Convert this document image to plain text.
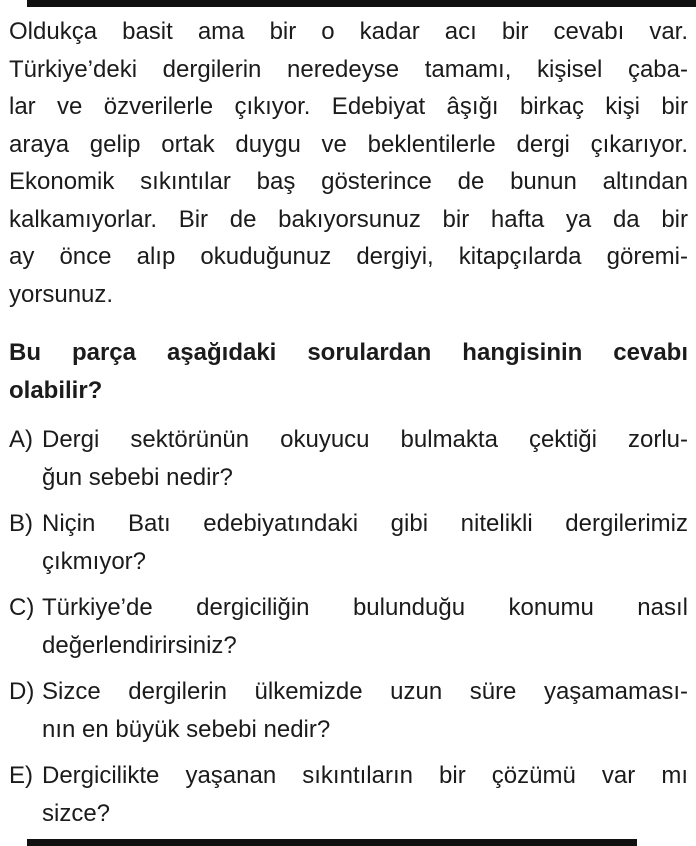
Oldukça basit ama bir o kadar acı bir cevabı var.
Türkiye’deki dergilerin neredeyse tamamı, kişisel çaba-
lar ve özverilerle çıkıyor. Edebiyat âşığı birkaç kişi bir
araya gelip ortak duygu ve beklentilerle dergi çıkarıyor.
Ekonomik sıkıntılar baş gösterince de bunun altından
kalkamıyorlar. Bir de bakıyorsunuz bir hafta ya da bir
ay önce alıp okuduğunuz dergiyi, kitapçılarda göremi-
yorsunuz.
Bu parça aşağıdaki sorulardan hangisinin cevabı
olabilir?
A) Dergi sektörünün okuyucu bulmakta çektiği zorlu-
ğun sebebi nedir?
B) Niçin Batı edebiyatındaki gibi nitelikli dergilerimiz
çıkmıyor?
C) Türkiye’de dergiciliğin bulunduğu konumu nasıl
değerlendirirsiniz?
D) Sizce dergilerin ülkemizde uzun süre yaşamaması-
nın en büyük sebebi nedir?
E) Dergicilikte yaşanan sıkıntıların bir çözümü var mı
sizce?
